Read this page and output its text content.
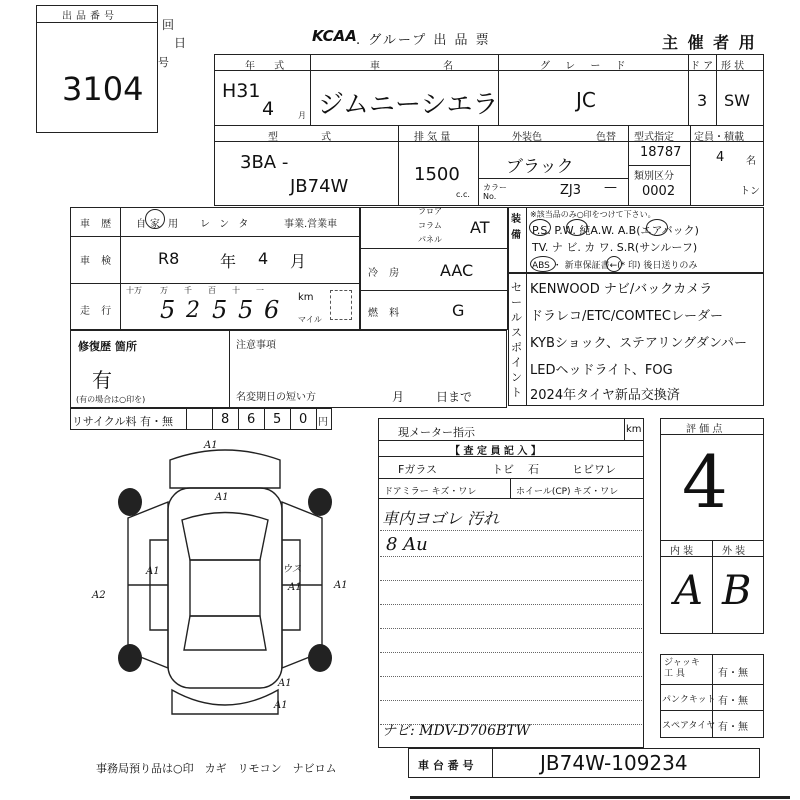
出品番号
3104
回
日
号
KCAA . グループ 出 品 票	主 催 者 用
年 式
H31
4	月
車 名
ジムニーシエラ
グ レ ー ド
JC
ド ア
3
形 状
SW
型 式
3BA -
JB74W
排 気 量
1500
c.c.
外装色	色替
ブラック
カラー No.	ZJ3 —
型式指定
18787
類別区分
0002
定員・積載
4 名
トン
車 歴 自 家 用 レ ン タ	事業.営業車
車 検	R8	年 4 月
走 行
十万 万 千 百 十 一
5 2 5 5 6 km
マイル
修復歴 箇所
有
(有の場合は○印を)
注意事項
名変期日の短い方	月	日まで
フロア
コラム
パネル
AT
冷 房 AAC
燃 料	G
装 備
※該当品のみ○印をつけて下さい。
P.S. P.W. 純A.W. A.B(エアバック)
TV. ナ ビ. カ ワ. S.R(サンルーフ)
ABS ・ 新車保証書←(* 印) 後日送りのみ
セールスポイント
KENWOOD ナビ/バックカメラ
ドラレコ/ETC/COMTECレーダー
KYBショック、ステアリングダンパー
LEDヘッドライト、FOG
2024年タイヤ新品交換済
リサイクル料 有・無	8 6 5 0 円
現メーター指示	km
【 査 定 員 記 入 】
Fガラス	トビ 石	ヒビワレ
ドアミラー キズ・ワレ	ホイール(CP) キズ・ワレ
車内ヨゴレ 汚れ
8 Au
ナビ: MDV-D706BTW
評 価 点
4
内 装	外 装
A B
ジャッキ 工 具	有・無
パンクキット 有・無
スペアタイヤ 有・無
A1
A1
A2
A1	ウス
A1	A1
A1
A1
事務局預り品は○印　カギ　リモコン　ナビロム	車 台 番 号	JB74W-109234
